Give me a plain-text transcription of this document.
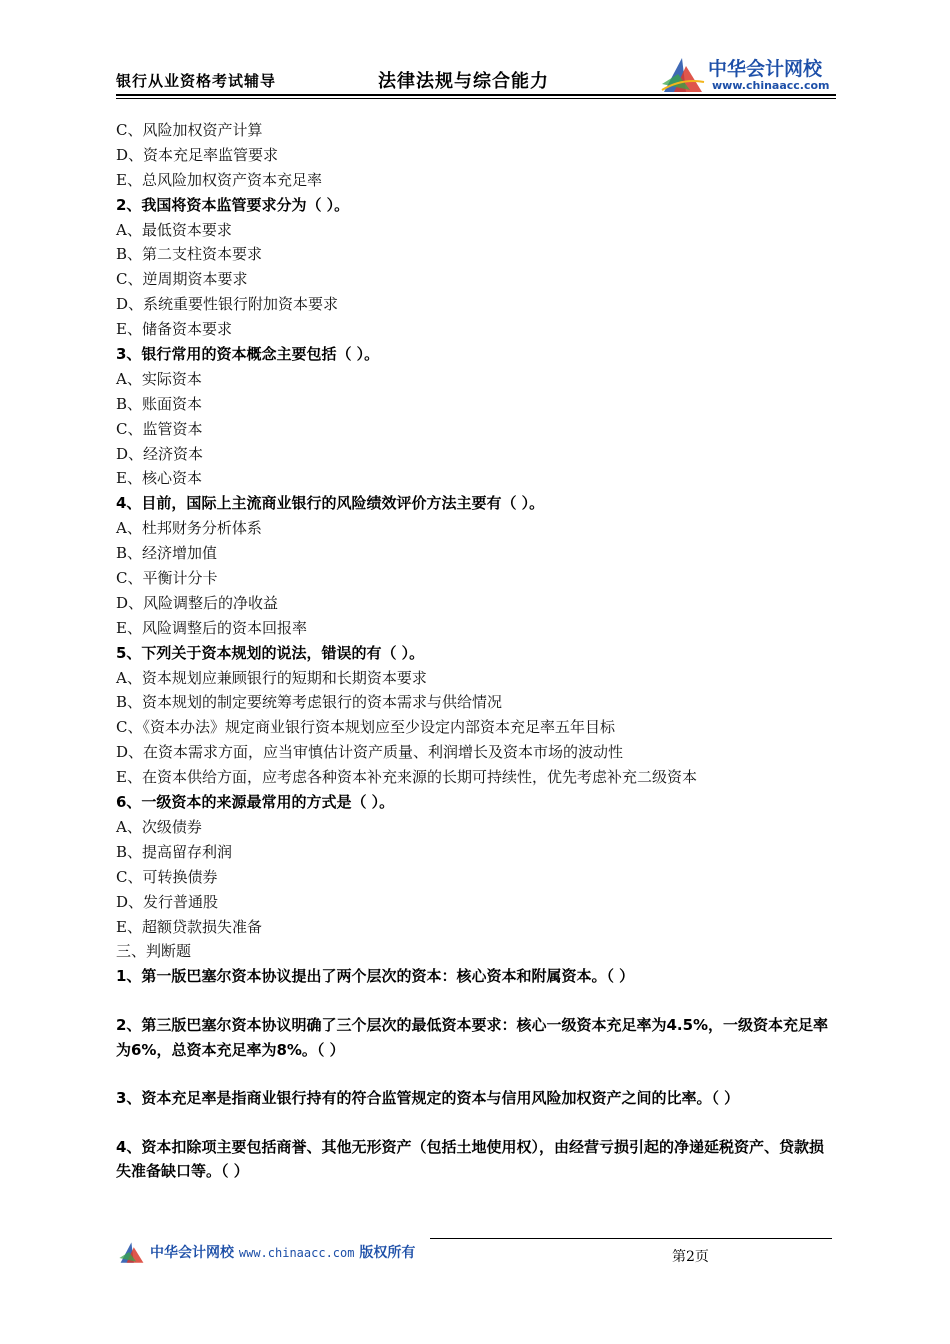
银行从业资格考试辅导	法律法规与综合能力
中华会计网校
www.chinaacc.com
C、风险加权资产计算
D、资本充足率监管要求
E、总风险加权资产资本充足率
2、我国将资本监管要求分为（ ）。
A、最低资本要求
B、第二支柱资本要求
C、逆周期资本要求
D、系统重要性银行附加资本要求
E、储备资本要求
3、银行常用的资本概念主要包括（ ）。
A、实际资本
B、账面资本
C、监管资本
D、经济资本
E、核心资本
4、目前，国际上主流商业银行的风险绩效评价方法主要有（ ）。
A、杜邦财务分析体系
B、经济增加值
C、平衡计分卡
D、风险调整后的净收益
E、风险调整后的资本回报率
5、下列关于资本规划的说法，错误的有（ ）。
A、资本规划应兼顾银行的短期和长期资本要求
B、资本规划的制定要统筹考虑银行的资本需求与供给情况
C、《资本办法》规定商业银行资本规划应至少设定内部资本充足率五年目标
D、在资本需求方面，应当审慎估计资产质量、利润增长及资本市场的波动性
E、在资本供给方面，应考虑各种资本补充来源的长期可持续性，优先考虑补充二级资本
6、一级资本的来源最常用的方式是（ ）。
A、次级债券
B、提高留存利润
C、可转换债券
D、发行普通股
E、超额贷款损失准备
三、判断题
1、第一版巴塞尔资本协议提出了两个层次的资本：核心资本和附属资本。（ ）
2、第三版巴塞尔资本协议明确了三个层次的最低资本要求：核心一级资本充足率为4.5%，一级资本充足率为6%，总资本充足率为8%。（ ）
3、资本充足率是指商业银行持有的符合监管规定的资本与信用风险加权资产之间的比率。（ ）
4、资本扣除项主要包括商誉、其他无形资产（包括土地使用权），由经营亏损引起的净递延税资产、贷款损失准备缺口等。（ ）
中华会计网校 www.chinaacc.com 版权所有	第2页
